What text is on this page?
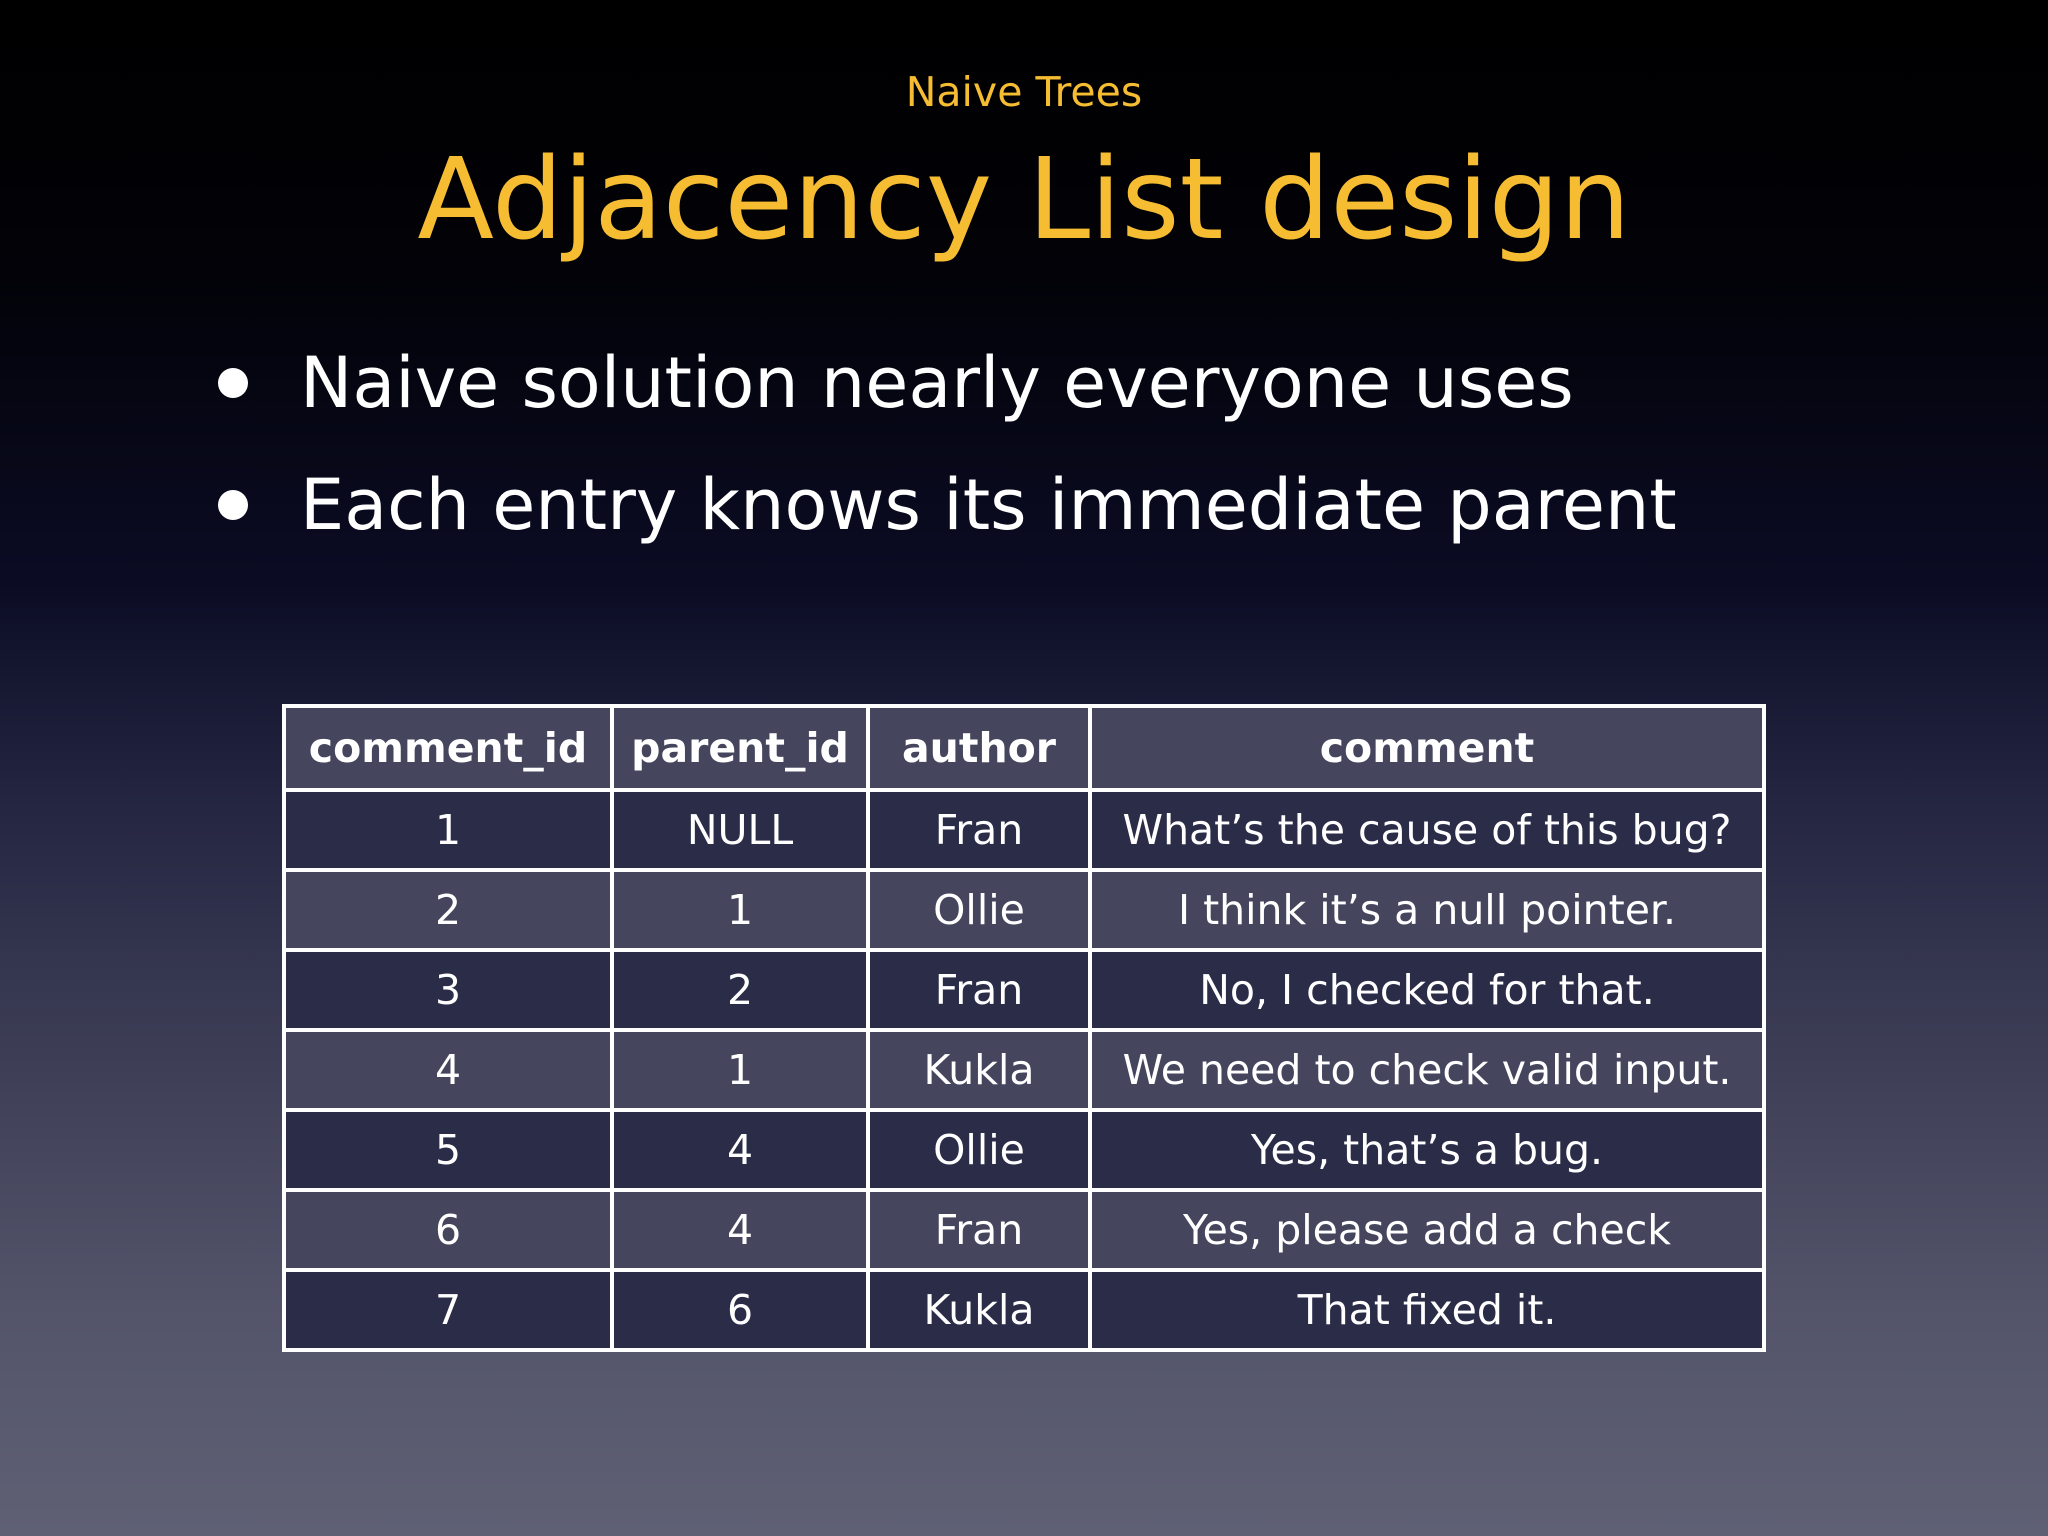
Naive Trees
Adjacency List design
Naive solution nearly everyone uses
Each entry knows its immediate parent
comment_id	parent_id	author	comment
1	NULL	Fran	What’s the cause of this bug?
2	1	Ollie	I think it’s a null pointer.
3	2	Fran	No, I checked for that.
4	1	Kukla	We need to check valid input.
5	4	Ollie	Yes, that’s a bug.
6	4	Fran	Yes, please add a check
7	6	Kukla	That fixed it.
